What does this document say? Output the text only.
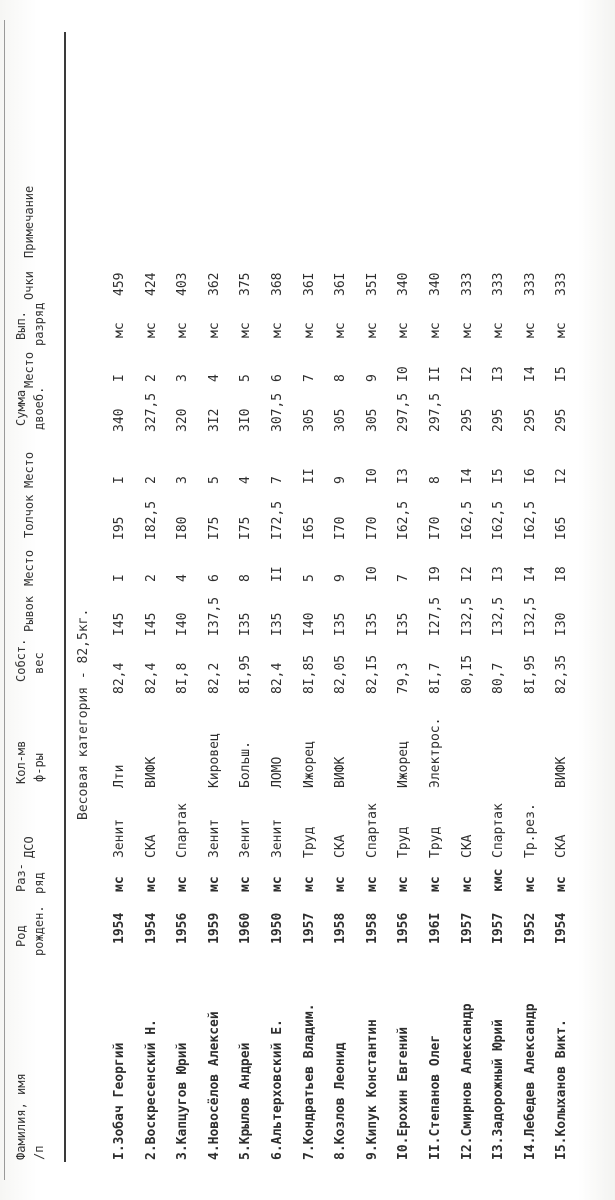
Фамилия, имя /п
Род рожден.
Раз- ряд
ДСО
Кол-мв ф-ры
Собст. вес
Рывок
Место
Толчок
Место
Сумма двоеб.
Место
Вып. разряд
Очки
Примечание
Весовая категория - 82,5кг.
I.Зобач Георгий
1954
мс
Зенит
Лти
82,4
I45
I
I95
I
340
I
мс
459
2.Воскресенский Н.
1954
мс
СКА
ВИФК
82,4
I45
2
I82,5
2
327,5
2
мс
424
3.Капцугов Юрий
1956
мс
Спартак
8I,8
I40
4
I80
3
320
3
мс
403
4.Новосёлов Алексей
1959
мс
Зенит
Кировец
82,2
I37,5
6
I75
5
3I2
4
мс
362
5.Крылов Андрей
1960
мс
Зенит
Больш.
8I,95
I35
8
I75
4
3I0
5
мс
375
6.Альтерховский Е.
1950
мс
Зенит
ЛОМО
82,4
I35
II
I72,5
7
307,5
6
мс
368
7.Кондратьев Владим.
1957
мс
Труд
Ижорец
8I,85
I40
5
I65
II
305
7
мс
36I
8.Козлов Леонид
1958
мс
СКА
ВИФК
82,05
I35
9
I70
9
305
8
мс
36I
9.Кипук Константин
1958
мс
Спартак
82,I5
I35
I0
I70
I0
305
9
мс
35I
I0.Ерохин Евгений
1956
мс
Труд
Ижорец
79,3
I35
7
I62,5
I3
297,5
I0
мс
340
II.Степанов Олег
196I
мс
Труд
Электрос.
8I,7
I27,5
I9
I70
8
297,5
II
мс
340
I2.Смирнов Александр
I957
мс
СКА
80,I5
I32,5
I2
I62,5
I4
295
I2
мс
333
I3.Задорожный Юрий
I957
кмс
Спартак
80,7
I32,5
I3
I62,5
I5
295
I3
мс
333
I4.Лебедев Александр
I952
мс
Тр.рез.
8I,95
I32,5
I4
I62,5
I6
295
I4
мс
333
I5.Колыханов Викт.
I954
мс
СКА
ВИФК
82,35
I30
I8
I65
I2
295
I5
мс
333
